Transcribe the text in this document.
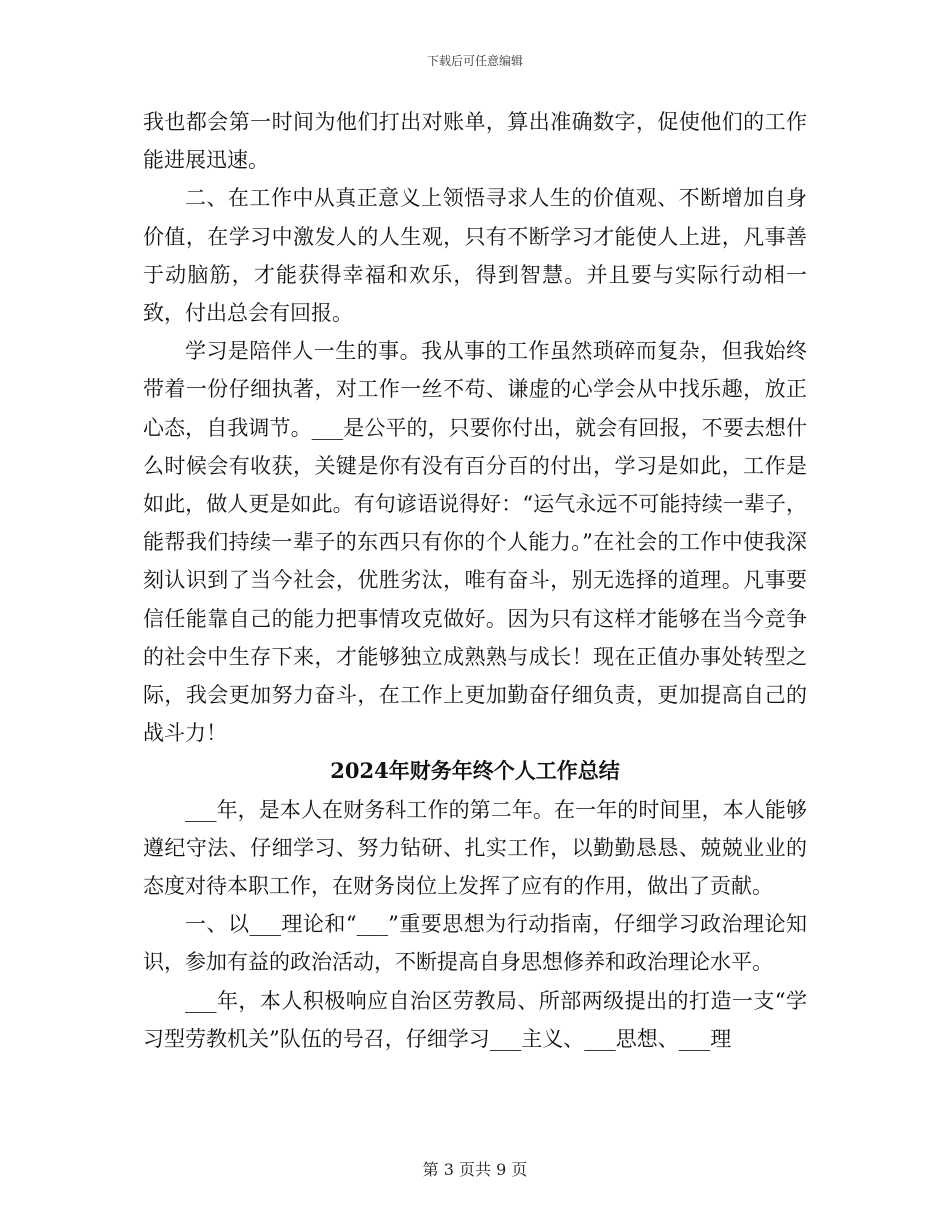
下载后可任意编辑

我也都会第一时间为他们打出对账单，算出准确数字，促使他们的工作能进展迅速。

二、在工作中从真正意义上领悟寻求人生的价值观、不断增加自身价值，在学习中激发人的人生观，只有不断学习才能使人上进，凡事善于动脑筋，才能获得幸福和欢乐，得到智慧。并且要与实际行动相一致，付出总会有回报。

学习是陪伴人一生的事。我从事的工作虽然琐碎而复杂，但我始终带着一份仔细执著，对工作一丝不苟、谦虚的心学会从中找乐趣，放正心态，自我调节。___是公平的，只要你付出，就会有回报，不要去想什么时候会有收获，关键是你有没有百分百的付出，学习是如此，工作是如此，做人更是如此。有句谚语说得好：“运气永远不可能持续一辈子，能帮我们持续一辈子的东西只有你的个人能力。”在社会的工作中使我深刻认识到了当今社会，优胜劣汰，唯有奋斗，别无选择的道理。凡事要信任能靠自己的能力把事情攻克做好。因为只有这样才能够在当今竞争的社会中生存下来，才能够独立成熟熟与成长！现在正值办事处转型之际，我会更加努力奋斗，在工作上更加勤奋仔细负责，更加提高自己的战斗力！

2024年财务年终个人工作总结

___年，是本人在财务科工作的第二年。在一年的时间里，本人能够遵纪守法、仔细学习、努力钻研、扎实工作，以勤勤恳恳、兢兢业业的态度对待本职工作，在财务岗位上发挥了应有的作用，做出了贡献。

一、以___理论和“___”重要思想为行动指南，仔细学习政治理论知识，参加有益的政治活动，不断提高自身思想修养和政治理论水平。

___年，本人积极响应自治区劳教局、所部两级提出的打造一支“学习型劳教机关”队伍的号召，仔细学习___主义、___思想、___理

第 3 页共 9 页
